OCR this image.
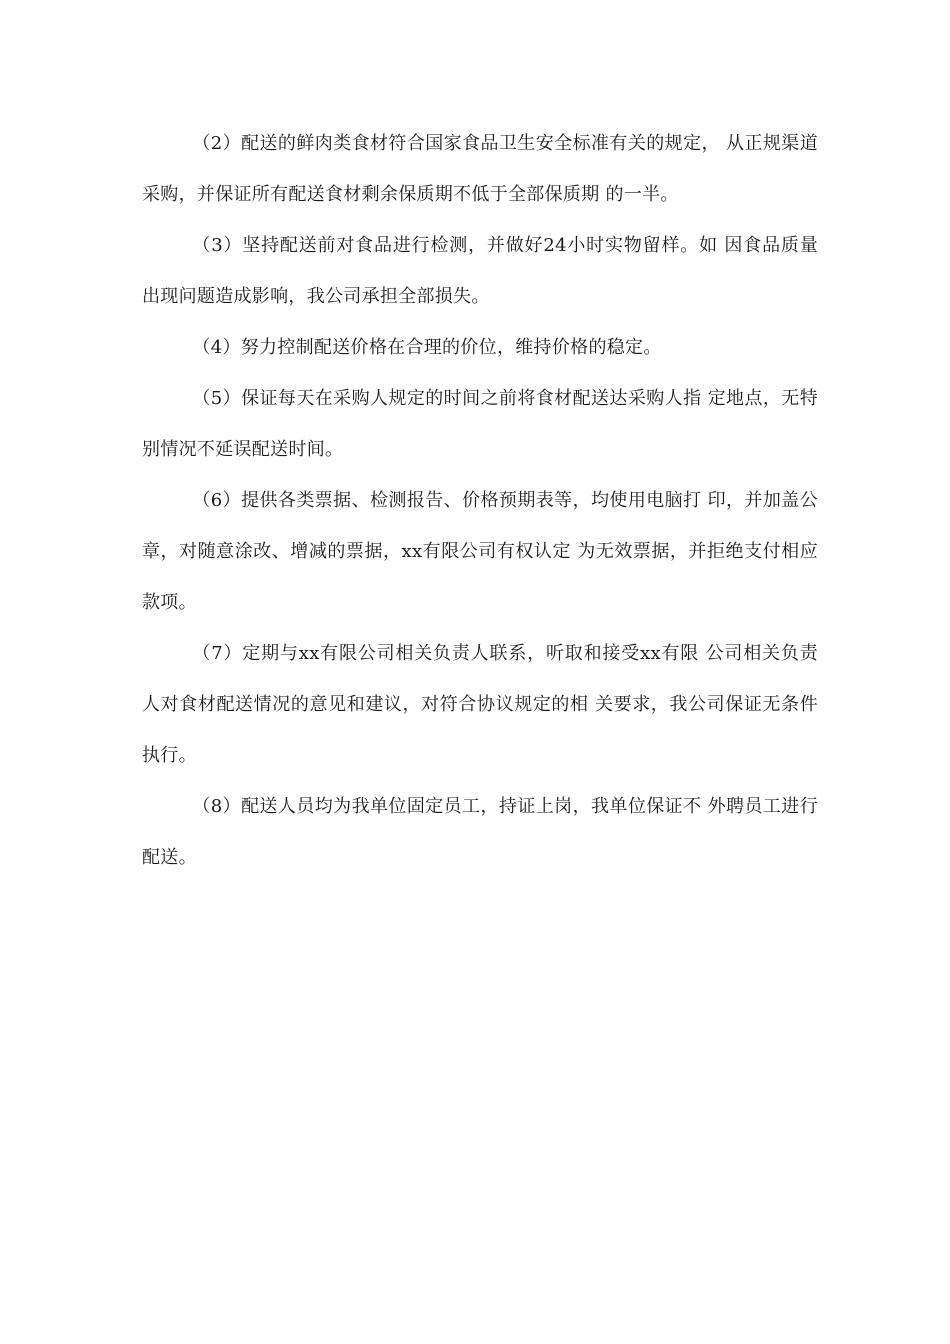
（2）配送的鲜肉类食材符合国家食品卫生安全标准有关的规定， 从正规渠道采购，并保证所有配送食材剩余保质期不低于全部保质期 的一半。

（3）坚持配送前对食品进行检测，并做好24小时实物留样。如 因食品质量出现问题造成影响，我公司承担全部损失。

（4）努力控制配送价格在合理的价位，维持价格的稳定。

（5）保证每天在采购人规定的时间之前将食材配送达采购人指 定地点，无特别情况不延误配送时间。

（6）提供各类票据、检测报告、价格预期表等，均使用电脑打 印，并加盖公章，对随意涂改、增减的票据，xx有限公司有权认定 为无效票据，并拒绝支付相应款项。

（7）定期与xx有限公司相关负责人联系，听取和接受xx有限 公司相关负责人对食材配送情况的意见和建议，对符合协议规定的相 关要求，我公司保证无条件执行。

（8）配送人员均为我单位固定员工，持证上岗，我单位保证不 外聘员工进行配送。
